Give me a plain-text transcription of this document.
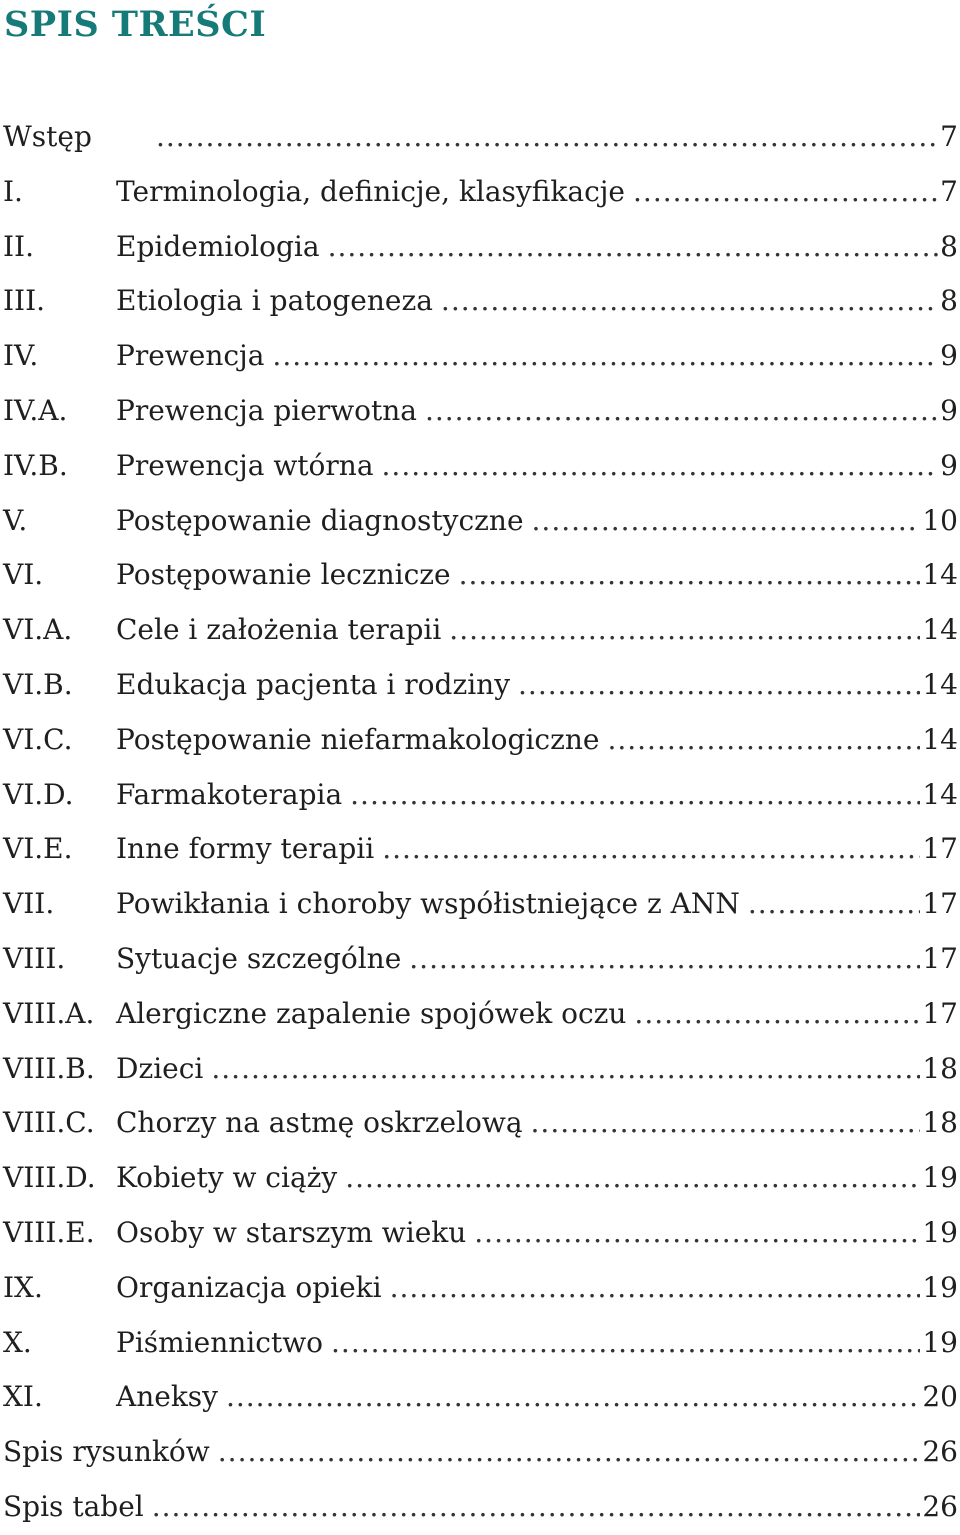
SPIS TREŚCI
Wstęp .....	7
I.	Terminologia, definicje, klasyfikacje .....	7
II.	Epidemiologia .....	8
III.	Etiologia i patogeneza .....	8
IV.	Prewencja .....	9
IV.A.	Prewencja pierwotna .....	9
IV.B.	Prewencja wtórna .....	9
V.	Postępowanie diagnostyczne .....	10
VI.	Postępowanie lecznicze .....	14
VI.A.	Cele i założenia terapii .....	14
VI.B.	Edukacja pacjenta i rodziny .....	14
VI.C.	Postępowanie niefarmakologiczne .....	14
VI.D.	Farmakoterapia .....	14
VI.E.	Inne formy terapii .....	17
VII.	Powikłania i choroby współistniejące z ANN .....	17
VIII.	Sytuacje szczególne .....	17
VIII.A. Alergiczne zapalenie spojówek oczu .....	17
VIII.B. Dzieci .....	18
VIII.C. Chorzy na astmę oskrzelową .....	18
VIII.D. Kobiety w ciąży .....	19
VIII.E. Osoby w starszym wieku .....	19
IX.	Organizacja opieki .....	19
X.	Piśmiennictwo .....	19
XI.	Aneksy .....	20
Spis rysunków .....	26
Spis tabel .....	26
